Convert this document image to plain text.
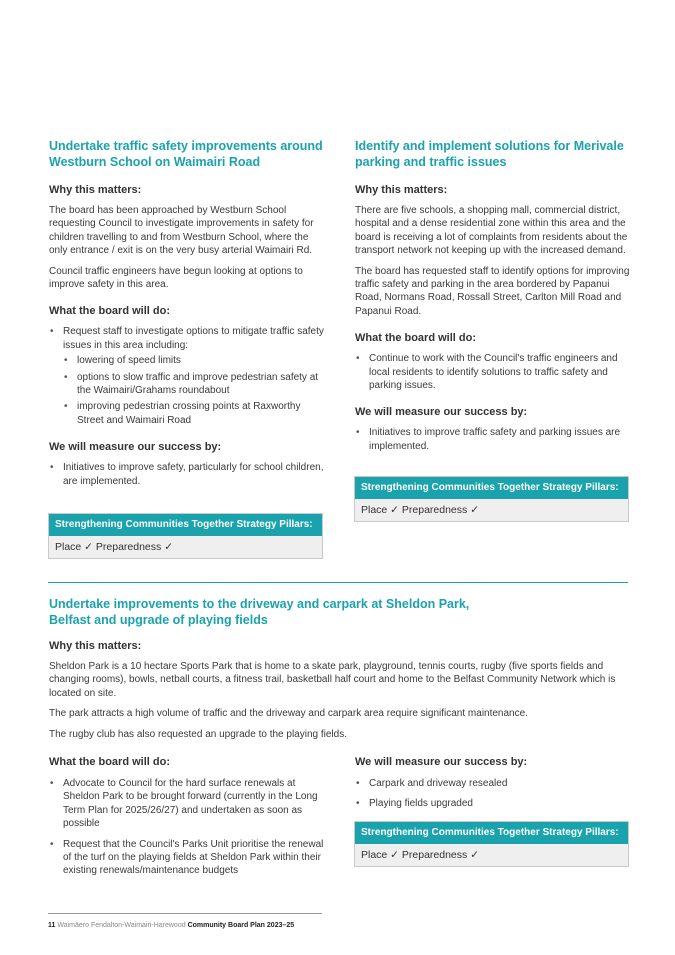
Undertake traffic safety improvements around Westburn School on Waimairi Road
Why this matters:

The board has been approached by Westburn School requesting Council to investigate improvements in safety for children travelling to and from Westburn School, where the only entrance / exit is on the very busy arterial Waimairi Rd.

Council traffic engineers have begun looking at options to improve safety in this area.

What the board will do:
• Request staff to investigate options to mitigate traffic safety issues in this area including:
• lowering of speed limits
• options to slow traffic and improve pedestrian safety at the Waimairi/Grahams roundabout
• improving pedestrian crossing points at Raxworthy Street and Waimairi Road
We will measure our success by:
• Initiatives to improve safety, particularly for school children, are implemented.
Strengthening Communities Together Strategy Pillars:
Place ✓ Preparedness ✓
Identify and implement solutions for Merivale parking and traffic issues
Why this matters:

There are five schools, a shopping mall, commercial district, hospital and a dense residential zone within this area and the board is receiving a lot of complaints from residents about the transport network not keeping up with the increased demand.

The board has requested staff to identify options for improving traffic safety and parking in the area bordered by Papanui Road, Normans Road, Rossall Street, Carlton Mill Road and Papanui Road.

What the board will do:
• Continue to work with the Council's traffic engineers and local residents to identify solutions to traffic safety and parking issues.
We will measure our success by:
• Initiatives to improve traffic safety and parking issues are implemented.
Strengthening Communities Together Strategy Pillars:
Place ✓ Preparedness ✓
Undertake improvements to the driveway and carpark at Sheldon Park, Belfast and upgrade of playing fields
Why this matters:

Sheldon Park is a 10 hectare Sports Park that is home to a skate park, playground, tennis courts, rugby (five sports fields and changing rooms), bowls, netball courts, a fitness trail, basketball half court and home to the Belfast Community Network which is located on site.

The park attracts a high volume of traffic and the driveway and carpark area require significant maintenance.

The rugby club has also requested an upgrade to the playing fields.

What the board will do:
• Advocate to Council for the hard surface renewals at Sheldon Park to be brought forward (currently in the Long Term Plan for 2025/26/27) and undertaken as soon as possible
• Request that the Council's Parks Unit prioritise the renewal of the turf on the playing fields at Sheldon Park within their existing renewals/maintenance budgets
We will measure our success by:
• Carpark and driveway resealed
• Playing fields upgraded
Strengthening Communities Together Strategy Pillars:
Place ✓ Preparedness ✓
11 Waimāero Fendalton-Waimairi-Harewood Community Board Plan 2023–25
